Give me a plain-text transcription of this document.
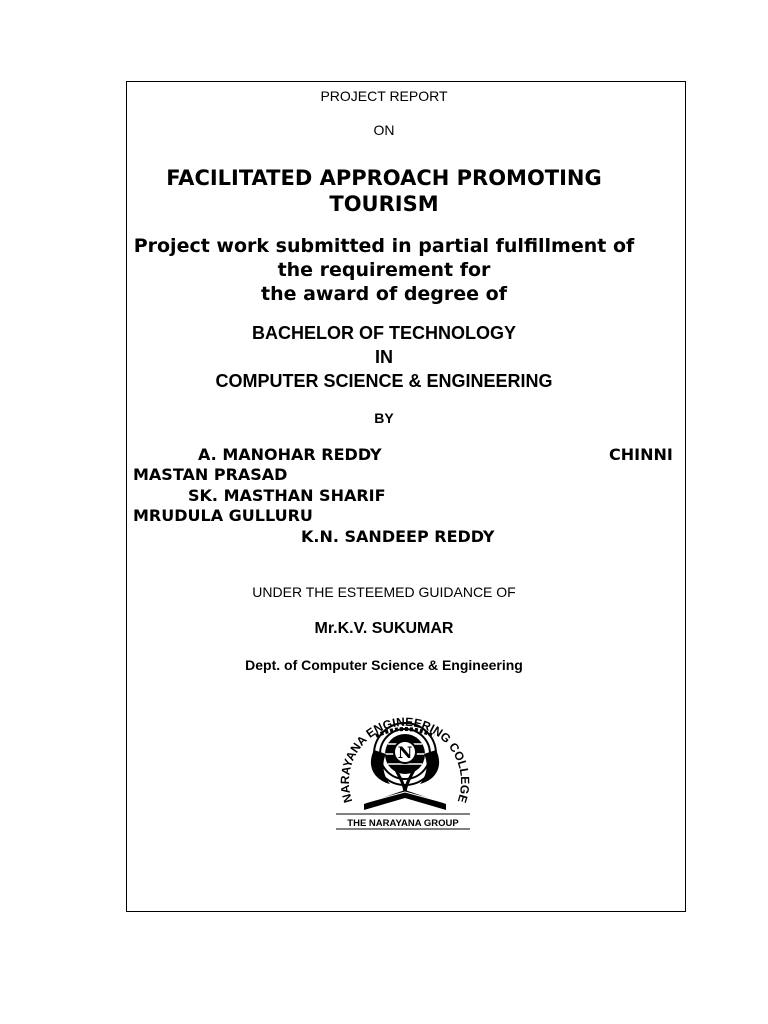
PROJECT REPORT
ON
FACILITATED APPROACH PROMOTING
TOURISM
Project work submitted in partial fulfillment of
the requirement for
the award of degree of
BACHELOR OF TECHNOLOGY
IN
COMPUTER SCIENCE & ENGINEERING
BY
A. MANOHAR REDDY	CHINNI
MASTAN PRASAD
SK. MASTHAN SHARIF
MRUDULA GULLURU
K.N. SANDEEP REDDY
UNDER THE ESTEEMED GUIDANCE OF
Mr.K.V. SUKUMAR
Dept. of Computer Science & Engineering
NARAYANA ENGINEERING COLLEGE
N
THE NARAYANA GROUP
